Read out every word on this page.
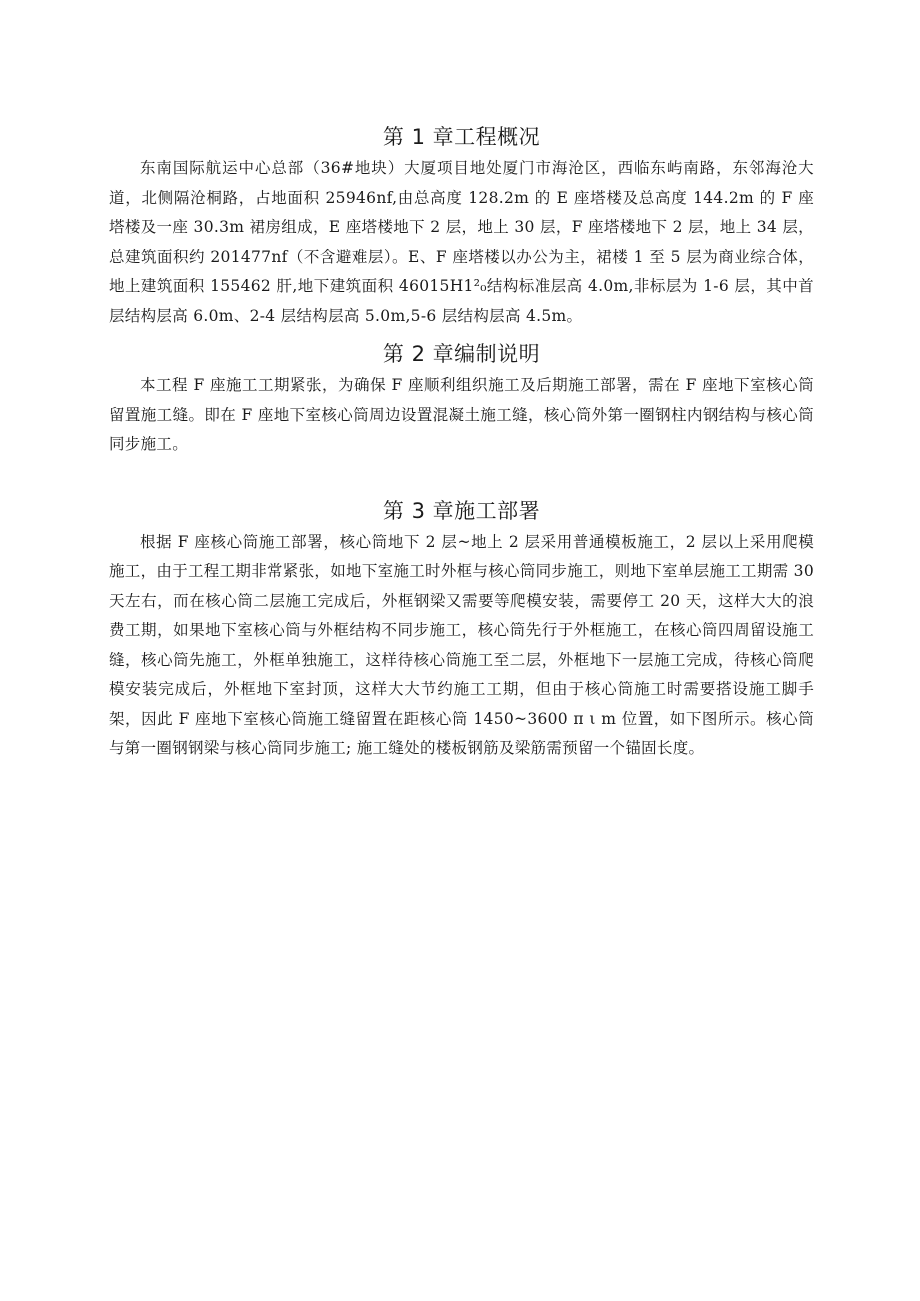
第 1 章工程概况

东南国际航运中心总部（36#地块）大厦项目地处厦门市海沧区，西临东屿南路，东邻海沧大道，北侧隔沧桐路，占地面积 25946nf,由总高度 128.2m 的 E 座塔楼及总高度 144.2m 的 F 座塔楼及一座 30.3m 裙房组成，E 座塔楼地下 2 层，地上 30 层，F 座塔楼地下 2 层，地上 34 层，总建筑面积约 201477nf（不含避难层）。E、F 座塔楼以办公为主，裙楼 1 至 5 层为商业综合体，地上建筑面积 155462 肝,地下建筑面积 46015H1²₀结构标准层高 4.0m,非标层为 1-6 层，其中首层结构层高 6.0m、2-4 层结构层高 5.0m,5-6 层结构层高 4.5m。

第 2 章编制说明

本工程 F 座施工工期紧张，为确保 F 座顺利组织施工及后期施工部署，需在 F 座地下室核心筒留置施工缝。即在 F 座地下室核心筒周边设置混凝土施工缝，核心筒外第一圈钢柱内钢结构与核心筒同步施工。

第 3 章施工部署

根据 F 座核心筒施工部署，核心筒地下 2 层~地上 2 层采用普通模板施工，2 层以上采用爬模施工，由于工程工期非常紧张，如地下室施工时外框与核心筒同步施工，则地下室单层施工工期需 30 天左右，而在核心筒二层施工完成后，外框钢梁又需要等爬模安装，需要停工 20 天，这样大大的浪费工期，如果地下室核心筒与外框结构不同步施工，核心筒先行于外框施工，在核心筒四周留设施工缝，核心筒先施工，外框单独施工，这样待核心筒施工至二层，外框地下一层施工完成，待核心筒爬模安装完成后，外框地下室封顶，这样大大节约施工工期，但由于核心筒施工时需要搭设施工脚手架，因此 F 座地下室核心筒施工缝留置在距核心筒 1450~3600 π ι m 位置，如下图所示。核心筒与第一圈钢钢梁与核心筒同步施工; 施工缝处的楼板钢筋及梁筋需预留一个锚固长度。
